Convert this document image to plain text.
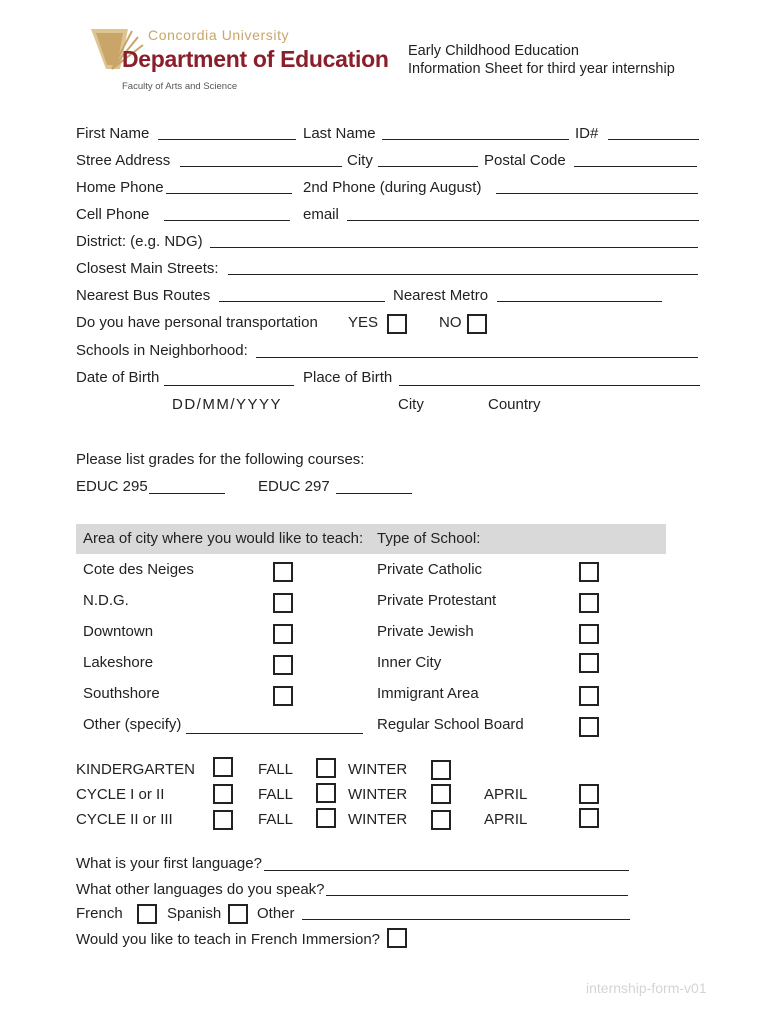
Concordia University
Department of Education
Faculty of Arts and Science
Early Childhood Education
Information Sheet for third year internship
First Name	Last Name	ID#
Stree Address	City	Postal Code
Home Phone	2nd Phone (during August)
Cell Phone	email
District: (e.g. NDG)
Closest Main Streets:
Nearest Bus Routes	Nearest Metro
Do you have personal transportation YES	NO
Schools in Neighborhood:
Date of Birth	Place of Birth
DD/MM/YYYY	City	Country
Please list grades for the following courses:
EDUC 295	EDUC 297
Area of city where you would like to teach: Type of School:
Cote des Neiges	Private Catholic
N.D.G.	Private Protestant
Downtown	Private Jewish
Lakeshore	Inner City
Southshore	Immigrant Area
Other (specify)	Regular School Board
KINDERGARTEN	FALL	WINTER
CYCLE I or II	FALL	WINTER	APRIL
CYCLE II or III	FALL	WINTER	APRIL
What is your first language?
What other languages do you speak?
French	Spanish Other
Would you like to teach in French Immersion?
internship-form-v01
